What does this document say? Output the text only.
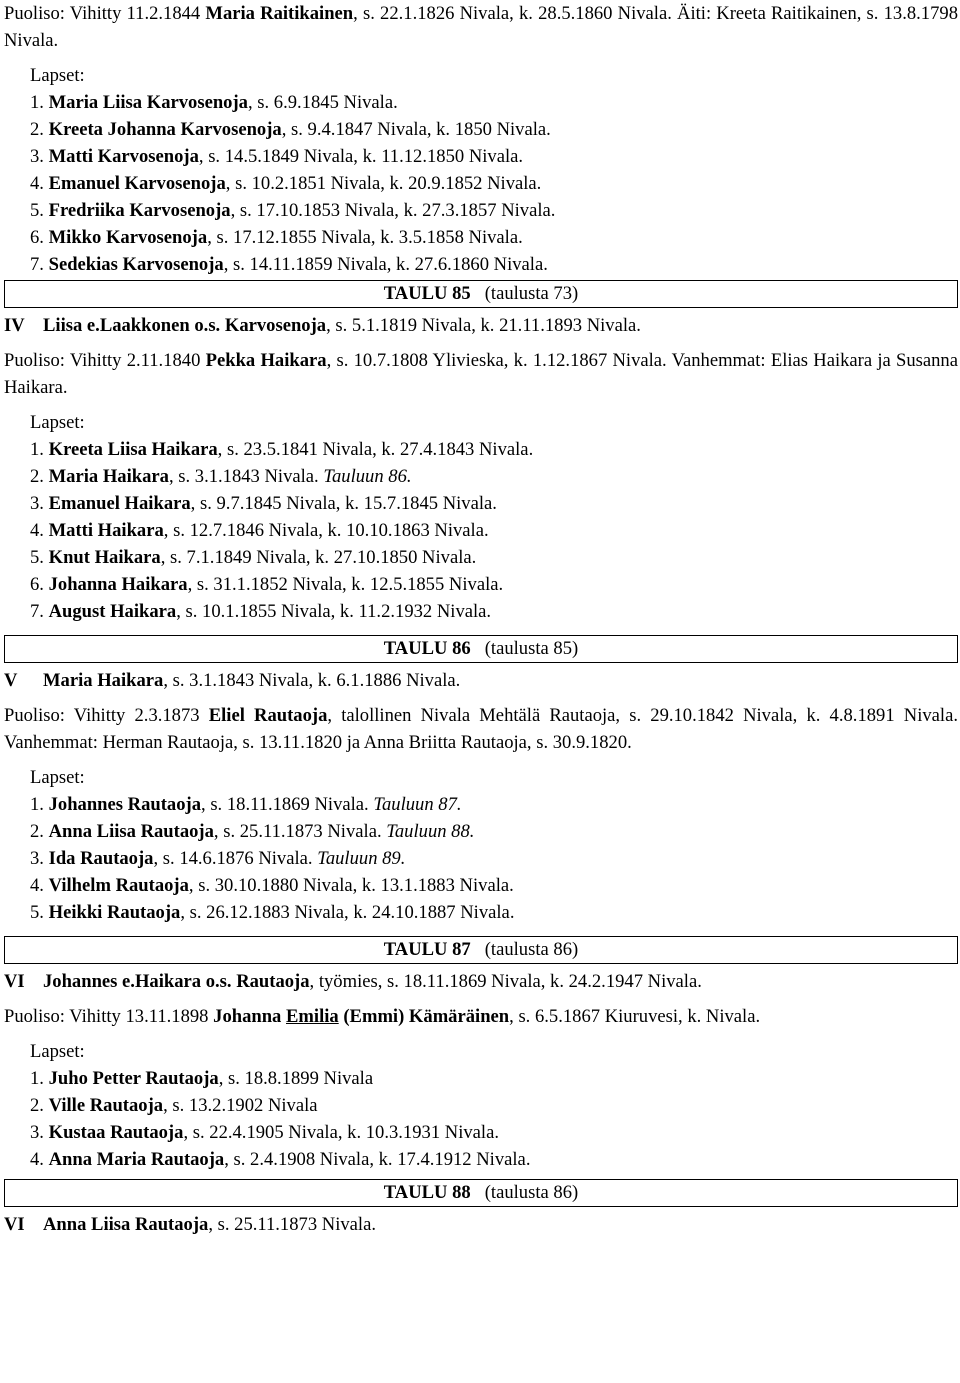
Puoliso: Vihitty 11.2.1844 Maria Raitikainen, s. 22.1.1826 Nivala, k. 28.5.1860 Nivala. Äiti: Kreeta Raitikainen, s. 13.8.1798 Nivala.

Lapset:
1. Maria Liisa Karvosenoja, s. 6.9.1845 Nivala.
2. Kreeta Johanna Karvosenoja, s. 9.4.1847 Nivala, k. 1850 Nivala.
3. Matti Karvosenoja, s. 14.5.1849 Nivala, k. 11.12.1850 Nivala.
4. Emanuel Karvosenoja, s. 10.2.1851 Nivala, k. 20.9.1852 Nivala.
5. Fredriika Karvosenoja, s. 17.10.1853 Nivala, k. 27.3.1857 Nivala.
6. Mikko Karvosenoja, s. 17.12.1855 Nivala, k. 3.5.1858 Nivala.
7. Sedekias Karvosenoja, s. 14.11.1859 Nivala, k. 27.6.1860 Nivala.
TAULU 85 (taulusta 73)
IV Liisa e.Laakkonen o.s. Karvosenoja, s. 5.1.1819 Nivala, k. 21.11.1893 Nivala.

Puoliso: Vihitty 2.11.1840 Pekka Haikara, s. 10.7.1808 Ylivieska, k. 1.12.1867 Nivala. Vanhemmat: Elias Haikara ja Susanna Haikara.

Lapset:
1. Kreeta Liisa Haikara, s. 23.5.1841 Nivala, k. 27.4.1843 Nivala.
2. Maria Haikara, s. 3.1.1843 Nivala. Tauluun 86.
3. Emanuel Haikara, s. 9.7.1845 Nivala, k. 15.7.1845 Nivala.
4. Matti Haikara, s. 12.7.1846 Nivala, k. 10.10.1863 Nivala.
5. Knut Haikara, s. 7.1.1849 Nivala, k. 27.10.1850 Nivala.
6. Johanna Haikara, s. 31.1.1852 Nivala, k. 12.5.1855 Nivala.
7. August Haikara, s. 10.1.1855 Nivala, k. 11.2.1932 Nivala.
TAULU 86 (taulusta 85)
V Maria Haikara, s. 3.1.1843 Nivala, k. 6.1.1886 Nivala.

Puoliso: Vihitty 2.3.1873 Eliel Rautaoja, talollinen Nivala Mehtälä Rautaoja, s. 29.10.1842 Nivala, k. 4.8.1891 Nivala. Vanhemmat: Herman Rautaoja, s. 13.11.1820 ja Anna Briitta Rautaoja, s. 30.9.1820.

Lapset:
1. Johannes Rautaoja, s. 18.11.1869 Nivala. Tauluun 87.
2. Anna Liisa Rautaoja, s. 25.11.1873 Nivala. Tauluun 88.
3. Ida Rautaoja, s. 14.6.1876 Nivala. Tauluun 89.
4. Vilhelm Rautaoja, s. 30.10.1880 Nivala, k. 13.1.1883 Nivala.
5. Heikki Rautaoja, s. 26.12.1883 Nivala, k. 24.10.1887 Nivala.
TAULU 87 (taulusta 86)
VI Johannes e.Haikara o.s. Rautaoja, työmies, s. 18.11.1869 Nivala, k. 24.2.1947 Nivala.

Puoliso: Vihitty 13.11.1898 Johanna Emilia (Emmi) Kämäräinen, s. 6.5.1867 Kiuruvesi, k. Nivala.

Lapset:
1. Juho Petter Rautaoja, s. 18.8.1899 Nivala
2. Ville Rautaoja, s. 13.2.1902 Nivala
3. Kustaa Rautaoja, s. 22.4.1905 Nivala, k. 10.3.1931 Nivala.
4. Anna Maria Rautaoja, s. 2.4.1908 Nivala, k. 17.4.1912 Nivala.
TAULU 88 (taulusta 86)
VI Anna Liisa Rautaoja, s. 25.11.1873 Nivala.
